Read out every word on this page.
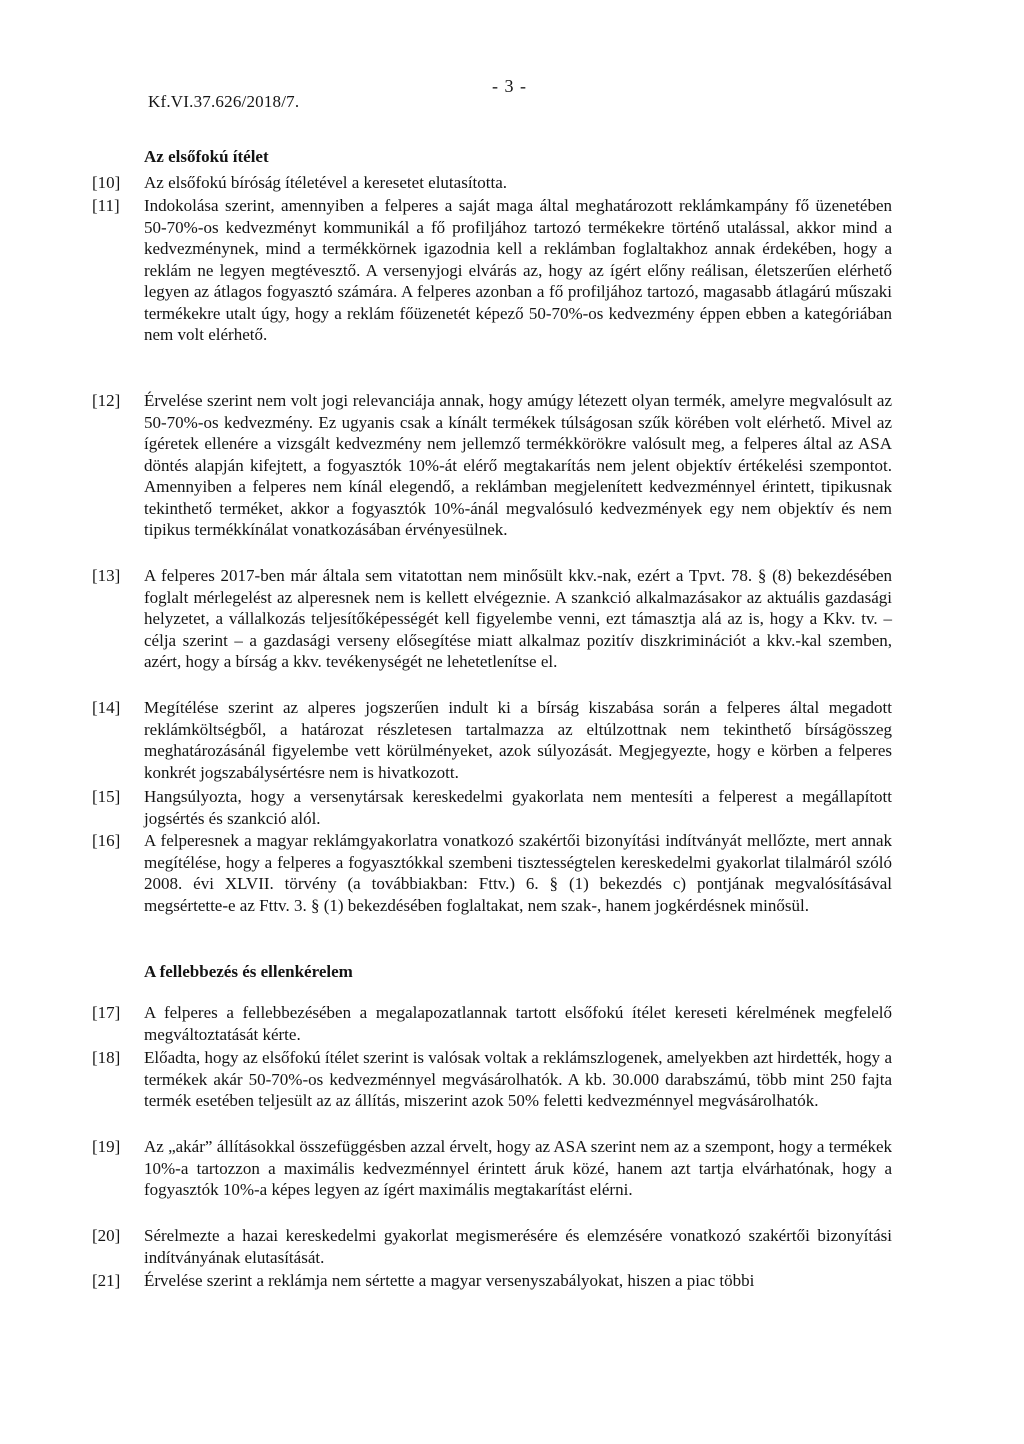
Kf.VI.37.626/2018/7.
- 3 -
Az elsőfokú ítélet
[10]	Az elsőfokú bíróság ítéletével a keresetet elutasította.
[11]	Indokolása szerint, amennyiben a felperes a saját maga által meghatározott reklámkampány fő üzenetében 50-70%-os kedvezményt kommunikál a fő profiljához tartozó termékekre történő utalással, akkor mind a kedvezménynek, mind a termékkörnek igazodnia kell a reklámban foglaltakhoz annak érdekében, hogy a reklám ne legyen megtévesztő. A versenyjogi elvárás az, hogy az ígért előny reálisan, életszerűen elérhető legyen az átlagos fogyasztó számára. A felperes azonban a fő profiljához tartozó, magasabb átlagárú műszaki termékekre utalt úgy, hogy a reklám főüzenetét képező 50-70%-os kedvezmény éppen ebben a kategóriában nem volt elérhető.
[12]	Érvelése szerint nem volt jogi relevanciája annak, hogy amúgy létezett olyan termék, amelyre megvalósult az 50-70%-os kedvezmény. Ez ugyanis csak a kínált termékek túlságosan szűk körében volt elérhető. Mivel az ígéretek ellenére a vizsgált kedvezmény nem jellemző termékkörökre valósult meg, a felperes által az ASA döntés alapján kifejtett, a fogyasztók 10%-át elérő megtakarítás nem jelent objektív értékelési szempontot. Amennyiben a felperes nem kínál elegendő, a reklámban megjelenített kedvezménnyel érintett, tipikusnak tekinthető terméket, akkor a fogyasztók 10%-ánál megvalósuló kedvezmények egy nem objektív és nem tipikus termékkínálat vonatkozásában érvényesülnek.
[13]	A felperes 2017-ben már általa sem vitatottan nem minősült kkv.-nak, ezért a Tpvt. 78. § (8) bekezdésében foglalt mérlegelést az alperesnek nem is kellett elvégeznie. A szankció alkalmazásakor az aktuális gazdasági helyzetet, a vállalkozás teljesítőképességét kell figyelembe venni, ezt támasztja alá az is, hogy a Kkv. tv. – célja szerint – a gazdasági verseny elősegítése miatt alkalmaz pozitív diszkriminációt a kkv.-kal szemben, azért, hogy a bírság a kkv. tevékenységét ne lehetetlenítse el.
[14]	Megítélése szerint az alperes jogszerűen indult ki a bírság kiszabása során a felperes által megadott reklámköltségből, a határozat részletesen tartalmazza az eltúlzottnak nem tekinthető bírságösszeg meghatározásánál figyelembe vett körülményeket, azok súlyozását. Megjegyezte, hogy e körben a felperes konkrét jogszabálysértésre nem is hivatkozott.
[15]	Hangsúlyozta, hogy a versenytársak kereskedelmi gyakorlata nem mentesíti a felperest a megállapított jogsértés és szankció alól.
[16]	A felperesnek a magyar reklámgyakorlatra vonatkozó szakértői bizonyítási indítványát mellőzte, mert annak megítélése, hogy a felperes a fogyasztókkal szembeni tisztességtelen kereskedelmi gyakorlat tilalmáról szóló 2008. évi XLVII. törvény (a továbbiakban: Fttv.) 6. § (1) bekezdés c) pontjának megvalósításával megsértette-e az Fttv. 3. § (1) bekezdésében foglaltakat, nem szak-, hanem jogkérdésnek minősül.
A fellebbezés és ellenkérelem
[17]	A felperes a fellebbezésében a megalapozatlannak tartott elsőfokú ítélet kereseti kérelmének megfelelő megváltoztatását kérte.
[18]	Előadta, hogy az elsőfokú ítélet szerint is valósak voltak a reklámszlogenek, amelyekben azt hirdették, hogy a termékek akár 50-70%-os kedvezménnyel megvásárolhatók. A kb. 30.000 darabszámú, több mint 250 fajta termék esetében teljesült az az állítás, miszerint azok 50% feletti kedvezménnyel megvásárolhatók.
[19]	Az „akár” állításokkal összefüggésben azzal érvelt, hogy az ASA szerint nem az a szempont, hogy a termékek 10%-a tartozzon a maximális kedvezménnyel érintett áruk közé, hanem azt tartja elvárhatónak, hogy a fogyasztók 10%-a képes legyen az ígért maximális megtakarítást elérni.
[20]	Sérelmezte a hazai kereskedelmi gyakorlat megismerésére és elemzésére vonatkozó szakértői bizonyítási indítványának elutasítását.
[21]	Érvelése szerint a reklámja nem sértette a magyar versenyszabályokat, hiszen a piac többi
